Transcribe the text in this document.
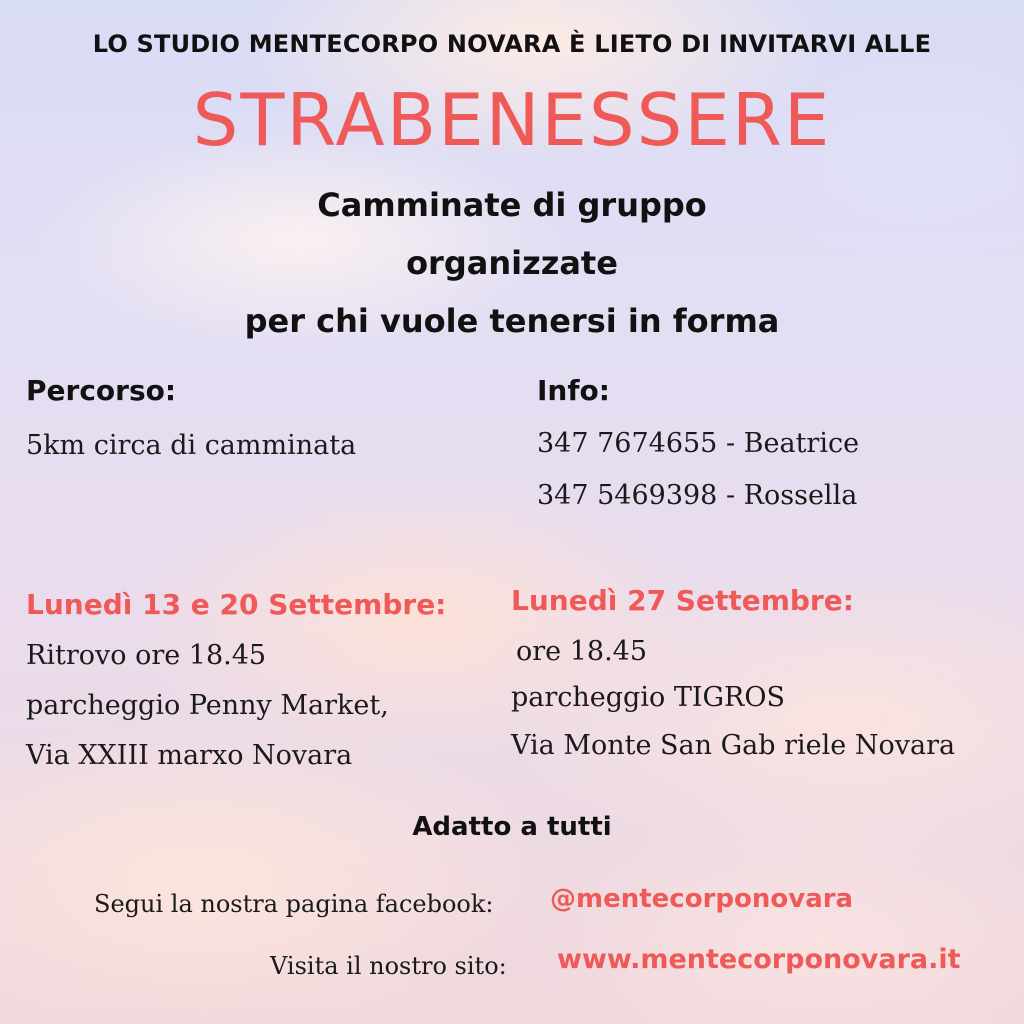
LO STUDIO MENTECORPO NOVARA È LIETO DI INVITARVI ALLE

STRABENESSERE

Camminate di gruppo

organizzate

per chi vuole tenersi in forma

Percorso:

5km circa di camminata

Info:

347 7674655 - Beatrice

347 5469398 - Rossella

Lunedì 13 e 20 Settembre:

Ritrovo ore 18.45

parcheggio Penny Market,

Via XXIII marxo Novara

Lunedì 27 Settembre:

ore 18.45

parcheggio TIGROS

Via Monte San Gab riele Novara

Adatto a tutti

Segui la nostra pagina facebook: @mentecorponovara

Visita il nostro sito: www.mentecorponovara.it
